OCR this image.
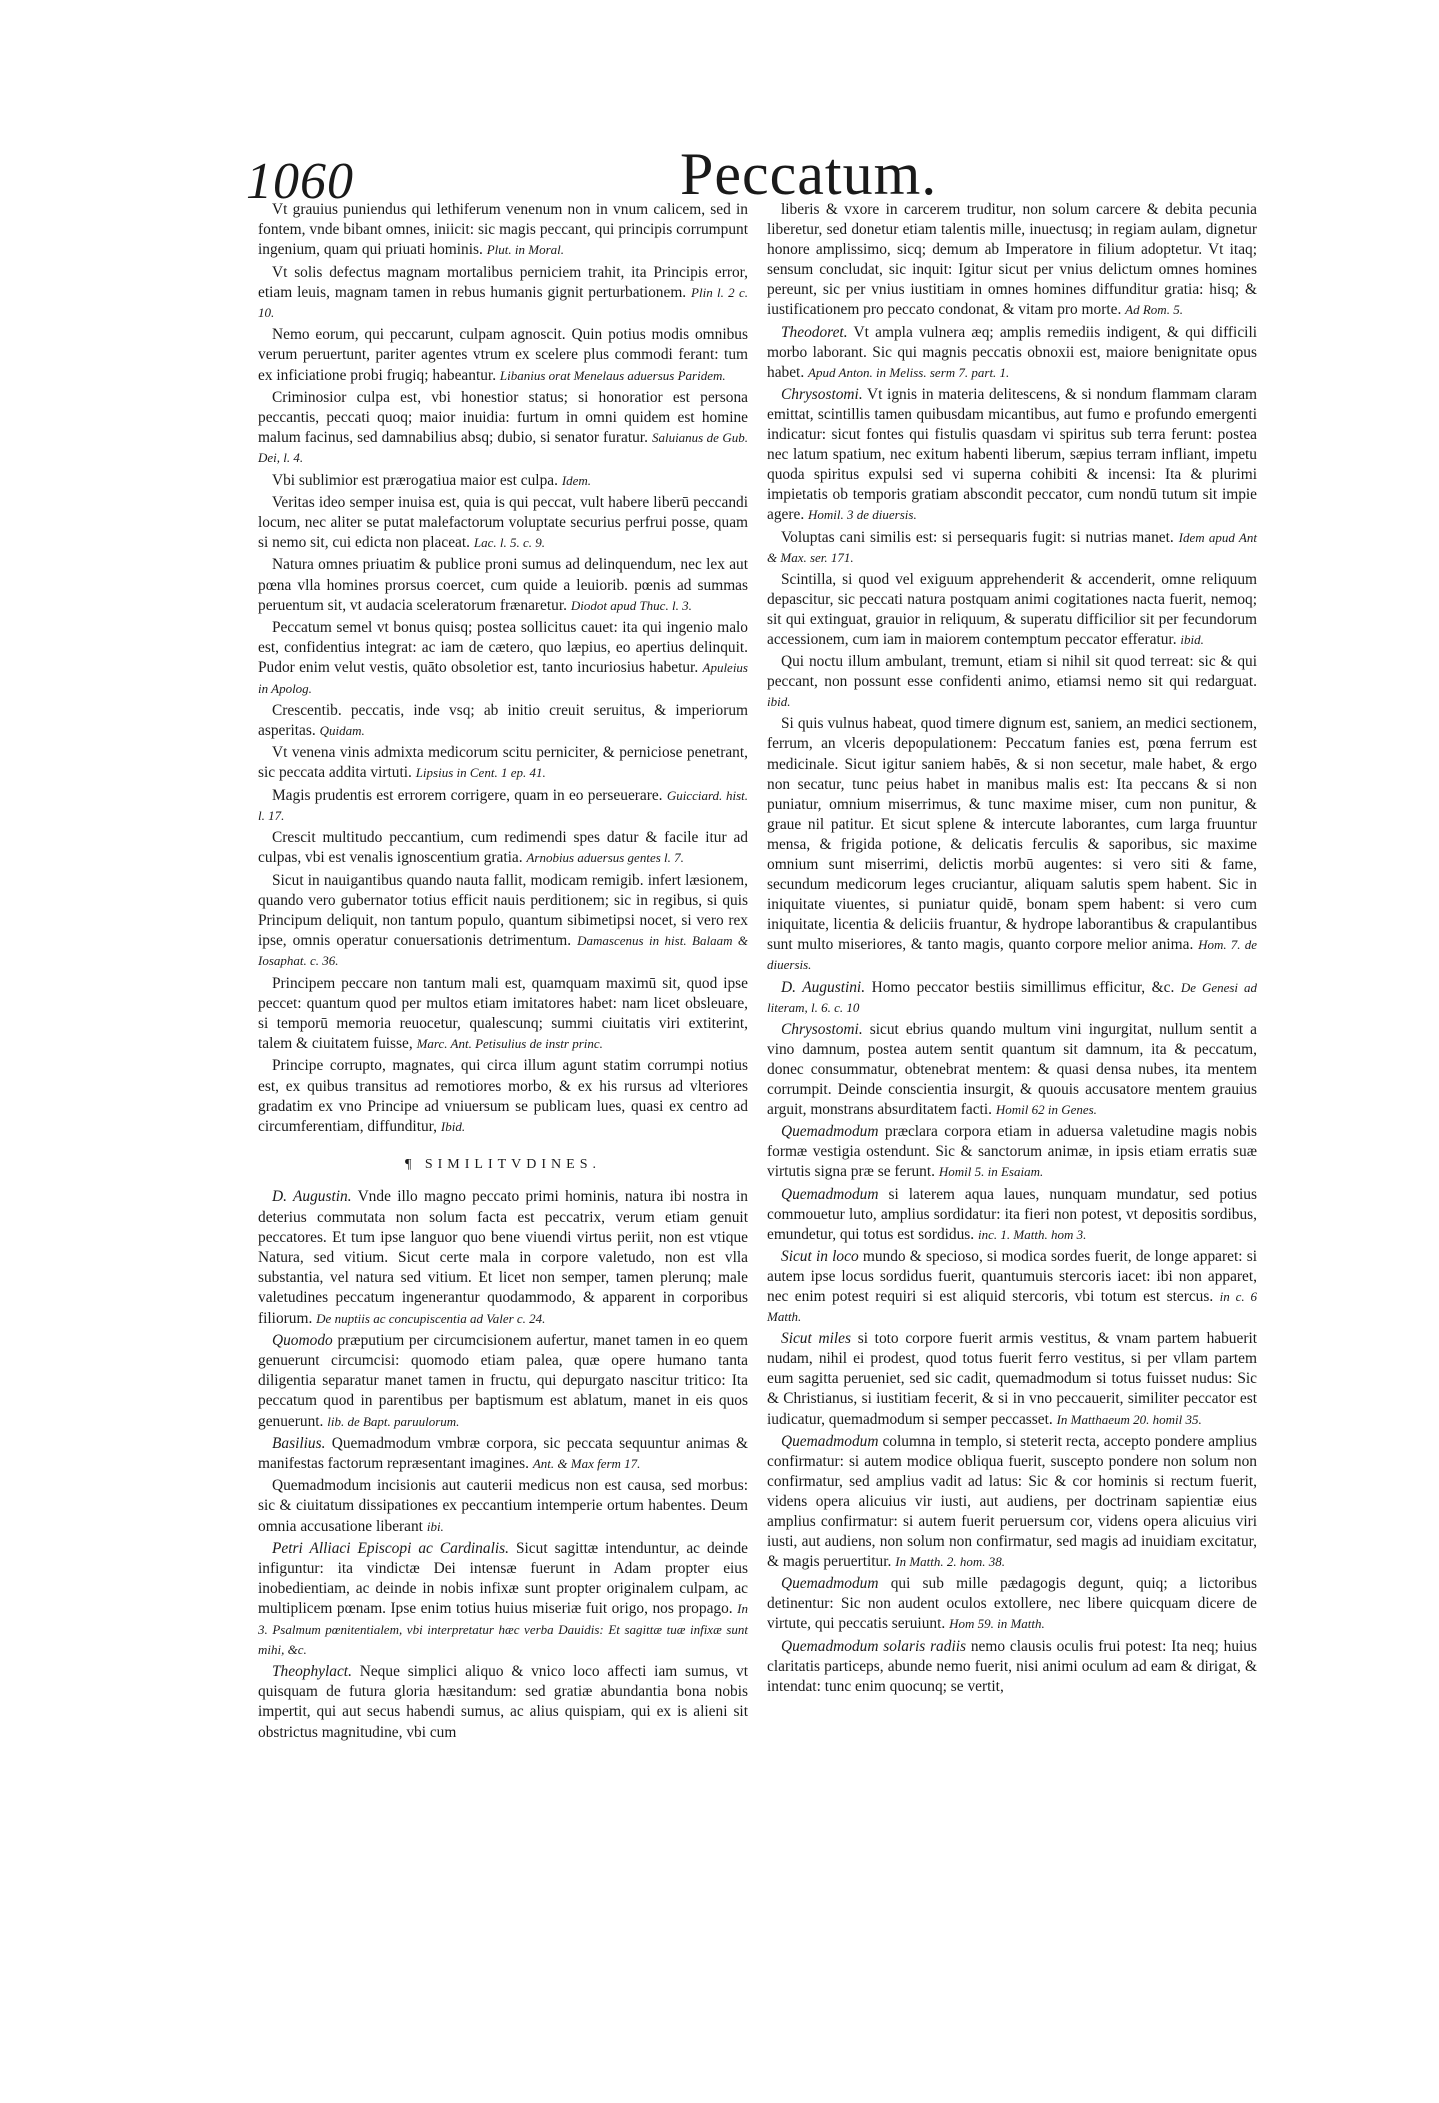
1060	Peccatum.

Vt grauius puniendus qui lethiferum venenum non in vnum calicem, sed in fontem, vnde bibant omnes, iniicit: sic magis peccant, qui principis corrumpunt ingenium, quam qui priuati hominis. Plut. in Moral.

Vt solis defectus magnam mortalibus perniciem trahit, ita Principis error, etiam leuis, magnam tamen in rebus humanis gignit perturbationem. Plin l. 2 c. 10.

Nemo eorum, qui peccarunt, culpam agnoscit. Quin potius modis omnibus verum peruertunt, pariter agentes vtrum ex scelere plus commodi ferant: tum ex inficiatione probi frugiq; habeantur. Libanius orat Menelaus aduersus Paridem.

Criminosior culpa est, vbi honestior status; si honoratior est persona peccantis, peccati quoq; maior inuidia: furtum in omni quidem est homine malum facinus, sed damnabilius absq; dubio, si senator furatur. Saluianus de Gub. Dei, l. 4.

Vbi sublimior est prærogatiua maior est culpa. Idem.

Veritas ideo semper inuisa est, quia is qui peccat, vult habere liberū peccandi locum, nec aliter se putat malefactorum voluptate securius perfrui posse, quam si nemo sit, cui edicta non placeat. Lac. l. 5. c. 9.

Natura omnes priuatim & publice proni sumus ad delinquendum, nec lex aut pœna vlla homines prorsus coercet, cum quide a leuiorib. pœnis ad summas peruentum sit, vt audacia sceleratorum frænaretur. Diodot apud Thuc. l. 3.

Peccatum semel vt bonus quisq; postea sollicitus cauet: ita qui ingenio malo est, confidentius integrat: ac iam de cætero, quo læpius, eo apertius delinquit. Pudor enim velut vestis, quāto obsoletior est, tanto incuriosius habetur. Apuleius in Apolog.

Crescentib. peccatis, inde vsq; ab initio creuit seruitus, & imperiorum asperitas. Quidam.

Vt venena vinis admixta medicorum scitu perniciter, & perniciose penetrant, sic peccata addita virtuti. Lipsius in Cent. 1 ep. 41.

Magis prudentis est errorem corrigere, quam in eo perseuerare. Guicciard. hist. l. 17.

Crescit multitudo peccantium, cum redimendi spes datur & facile itur ad culpas, vbi est venalis ignoscentium gratia. Arnobius aduersus gentes l. 7.

Sicut in nauigantibus quando nauta fallit, modicam remigib. infert læsionem, quando vero gubernator totius efficit nauis perditionem; sic in regibus, si quis Principum deliquit, non tantum populo, quantum sibimetipsi nocet, si vero rex ipse, omnis operatur conuersationis detrimentum. Damascenus in hist. Balaam & Iosaphat. c. 36.

Principem peccare non tantum mali est, quamquam maximū sit, quod ipse peccet: quantum quod per multos etiam imitatores habet: nam licet obsleuare, si temporū memoria reuocetur, qualescunq; summi ciuitatis viri extiterint, talem & ciuitatem fuisse, Marc. Ant. Petisulius de instr princ.

Principe corrupto, magnates, qui circa illum agunt statim corrumpi notius est, ex quibus transitus ad remotiores morbo, & ex his rursus ad vlteriores gradatim ex vno Principe ad vniuersum se publicam lues, quasi ex centro ad circumferentiam, diffunditur, Ibid.

¶ SIMILITVDINES.

D. Augustin. Vnde illo magno peccato primi hominis, natura ibi nostra in deterius commutata non solum facta est peccatrix, verum etiam genuit peccatores. Et tum ipse languor quo bene viuendi virtus periit, non est vtique Natura, sed vitium. Sicut certe mala in corpore valetudo, non est vlla substantia, vel natura sed vitium. Et licet non semper, tamen plerunq; male valetudines peccatum ingenerantur quodammodo, & apparent in corporibus filiorum. De nuptiis ac concupiscentia ad Valer c. 24.

Quomodo præputium per circumcisionem aufertur, manet tamen in eo quem genuerunt circumcisi: quomodo etiam palea, quæ opere humano tanta diligentia separatur manet tamen in fructu, qui depurgato nascitur tritico: Ita peccatum quod in parentibus per baptismum est ablatum, manet in eis quos genuerunt. lib. de Bapt. paruulorum.

Basilius. Quemadmodum vmbræ corpora, sic peccata sequuntur animas & manifestas factorum repræsentant imagines. Ant. & Max ferm 17.

Quemadmodum incisionis aut cauterii medicus non est causa, sed morbus: sic & ciuitatum dissipationes ex peccantium intemperie ortum habentes. Deum omnia accusatione liberant ibi.

Petri Alliaci Episcopi ac Cardinalis. Sicut sagittæ intenduntur, ac deinde infiguntur: ita vindictæ Dei intensæ fuerunt in Adam propter eius inobedientiam, ac deinde in nobis infixæ sunt propter originalem culpam, ac multiplicem pœnam. Ipse enim totius huius miseriæ fuit origo, nos propago. In 3. Psalmum pœnitentialem, vbi interpretatur hæc verba Dauidis: Et sagittæ tuæ infixæ sunt mihi, &c.

Theophylact. Neque simplici aliquo & vnico loco affecti iam sumus, vt quisquam de futura gloria hæsitandum: sed gratiæ abundantia bona nobis impertit, qui aut secus habendi sumus, ac alius quispiam, qui ex is alieni sit obstrictus magnitudine, vbi cum

liberis & vxore in carcerem truditur, non solum carcere & debita pecunia liberetur, sed donetur etiam talentis mille, inuectusq; in regiam aulam, dignetur honore amplissimo, sicq; demum ab Imperatore in filium adoptetur. Vt itaq; sensum concludat, sic inquit: Igitur sicut per vnius delictum omnes homines pereunt, sic per vnius iustitiam in omnes homines diffunditur gratia: hisq; & iustificationem pro peccato condonat, & vitam pro morte. Ad Rom. 5.

Theodoret. Vt ampla vulnera æq; amplis remediis indigent, & qui difficili morbo laborant. Sic qui magnis peccatis obnoxii est, maiore benignitate opus habet. Apud Anton. in Meliss. serm 7. part. 1.

Chrysostomi. Vt ignis in materia delitescens, & si nondum flammam claram emittat, scintillis tamen quibusdam micantibus, aut fumo e profundo emergenti indicatur: sicut fontes qui fistulis quasdam vi spiritus sub terra ferunt: postea nec latum spatium, nec exitum habenti liberum, sæpius terram infliant, impetu quoda spiritus expulsi sed vi superna cohibiti & incensi: Ita & plurimi impietatis ob temporis gratiam abscondit peccator, cum nondū tutum sit impie agere. Homil. 3 de diuersis.

Voluptas cani similis est: si persequaris fugit: si nutrias manet. Idem apud Ant & Max. ser. 171.

Scintilla, si quod vel exiguum apprehenderit & accenderit, omne reliquum depascitur, sic peccati natura postquam animi cogitationes nacta fuerit, nemoq; sit qui extinguat, grauior in reliquum, & superatu difficilior sit per fecundorum accessionem, cum iam in maiorem contemptum peccator efferatur. ibid.

Qui noctu illum ambulant, tremunt, etiam si nihil sit quod terreat: sic & qui peccant, non possunt esse confidenti animo, etiamsi nemo sit qui redarguat. ibid.

Si quis vulnus habeat, quod timere dignum est, saniem, an medici sectionem, ferrum, an vlceris depopulationem: Peccatum fanies est, pœna ferrum est medicinale. Sicut igitur saniem habēs, & si non secetur, male habet, & ergo non secatur, tunc peius habet in manibus malis est: Ita peccans & si non puniatur, omnium miserrimus, & tunc maxime miser, cum non punitur, & graue nil patitur. Et sicut splene & intercute laborantes, cum larga fruuntur mensa, & frigida potione, & delicatis ferculis & saporibus, sic maxime omnium sunt miserrimi, delictis morbū augentes: si vero siti & fame, secundum medicorum leges cruciantur, aliquam salutis spem habent. Sic in iniquitate viuentes, si puniatur quidē, bonam spem habent: si vero cum iniquitate, licentia & deliciis fruantur, & hydrope laborantibus & crapulantibus sunt multo miseriores, & tanto magis, quanto corpore melior anima. Hom. 7. de diuersis.

D. Augustini. Homo peccator bestiis simillimus efficitur, &c. De Genesi ad literam, l. 6. c. 10

Chrysostomi. sicut ebrius quando multum vini ingurgitat, nullum sentit a vino damnum, postea autem sentit quantum sit damnum, ita & peccatum, donec consummatur, obtenebrat mentem: & quasi densa nubes, ita mentem corrumpit. Deinde conscientia insurgit, & quouis accusatore mentem grauius arguit, monstrans absurditatem facti. Homil 62 in Genes.

Quemadmodum præclara corpora etiam in aduersa valetudine magis nobis formæ vestigia ostendunt. Sic & sanctorum animæ, in ipsis etiam erratis suæ virtutis signa præ se ferunt. Homil 5. in Esaiam.

Quemadmodum si laterem aqua laues, nunquam mundatur, sed potius commouetur luto, amplius sordidatur: ita fieri non potest, vt depositis sordibus, emundetur, qui totus est sordidus. inc. 1. Matth. hom 3.

Sicut in loco mundo & specioso, si modica sordes fuerit, de longe apparet: si autem ipse locus sordidus fuerit, quantumuis stercoris iacet: ibi non apparet, nec enim potest requiri si est aliquid stercoris, vbi totum est stercus. in c. 6 Matth.

Sicut miles si toto corpore fuerit armis vestitus, & vnam partem habuerit nudam, nihil ei prodest, quod totus fuerit ferro vestitus, si per vllam partem eum sagitta perueniet, sed sic cadit, quemadmodum si totus fuisset nudus: Sic & Christianus, si iustitiam fecerit, & si in vno peccauerit, similiter peccator est iudicatur, quemadmodum si semper peccasset. In Matthaeum 20. homil 35.

Quemadmodum columna in templo, si steterit recta, accepto pondere amplius confirmatur: si autem modice obliqua fuerit, suscepto pondere non solum non confirmatur, sed amplius vadit ad latus: Sic & cor hominis si rectum fuerit, videns opera alicuius vir iusti, aut audiens, per doctrinam sapientiæ eius amplius confirmatur: si autem fuerit peruersum cor, videns opera alicuius viri iusti, aut audiens, non solum non confirmatur, sed magis ad inuidiam excitatur, & magis peruertitur. In Matth. 2. hom. 38.

Quemadmodum qui sub mille pædagogis degunt, quiq; a lictoribus detinentur: Sic non audent oculos extollere, nec libere quicquam dicere de virtute, qui peccatis seruiunt. Hom 59. in Matth.

Quemadmodum solaris radiis nemo clausis oculis frui potest: Ita neq; huius claritatis particeps, abunde nemo fuerit, nisi animi oculum ad eam & dirigat, & intendat: tunc enim quocunq; se vertit,
